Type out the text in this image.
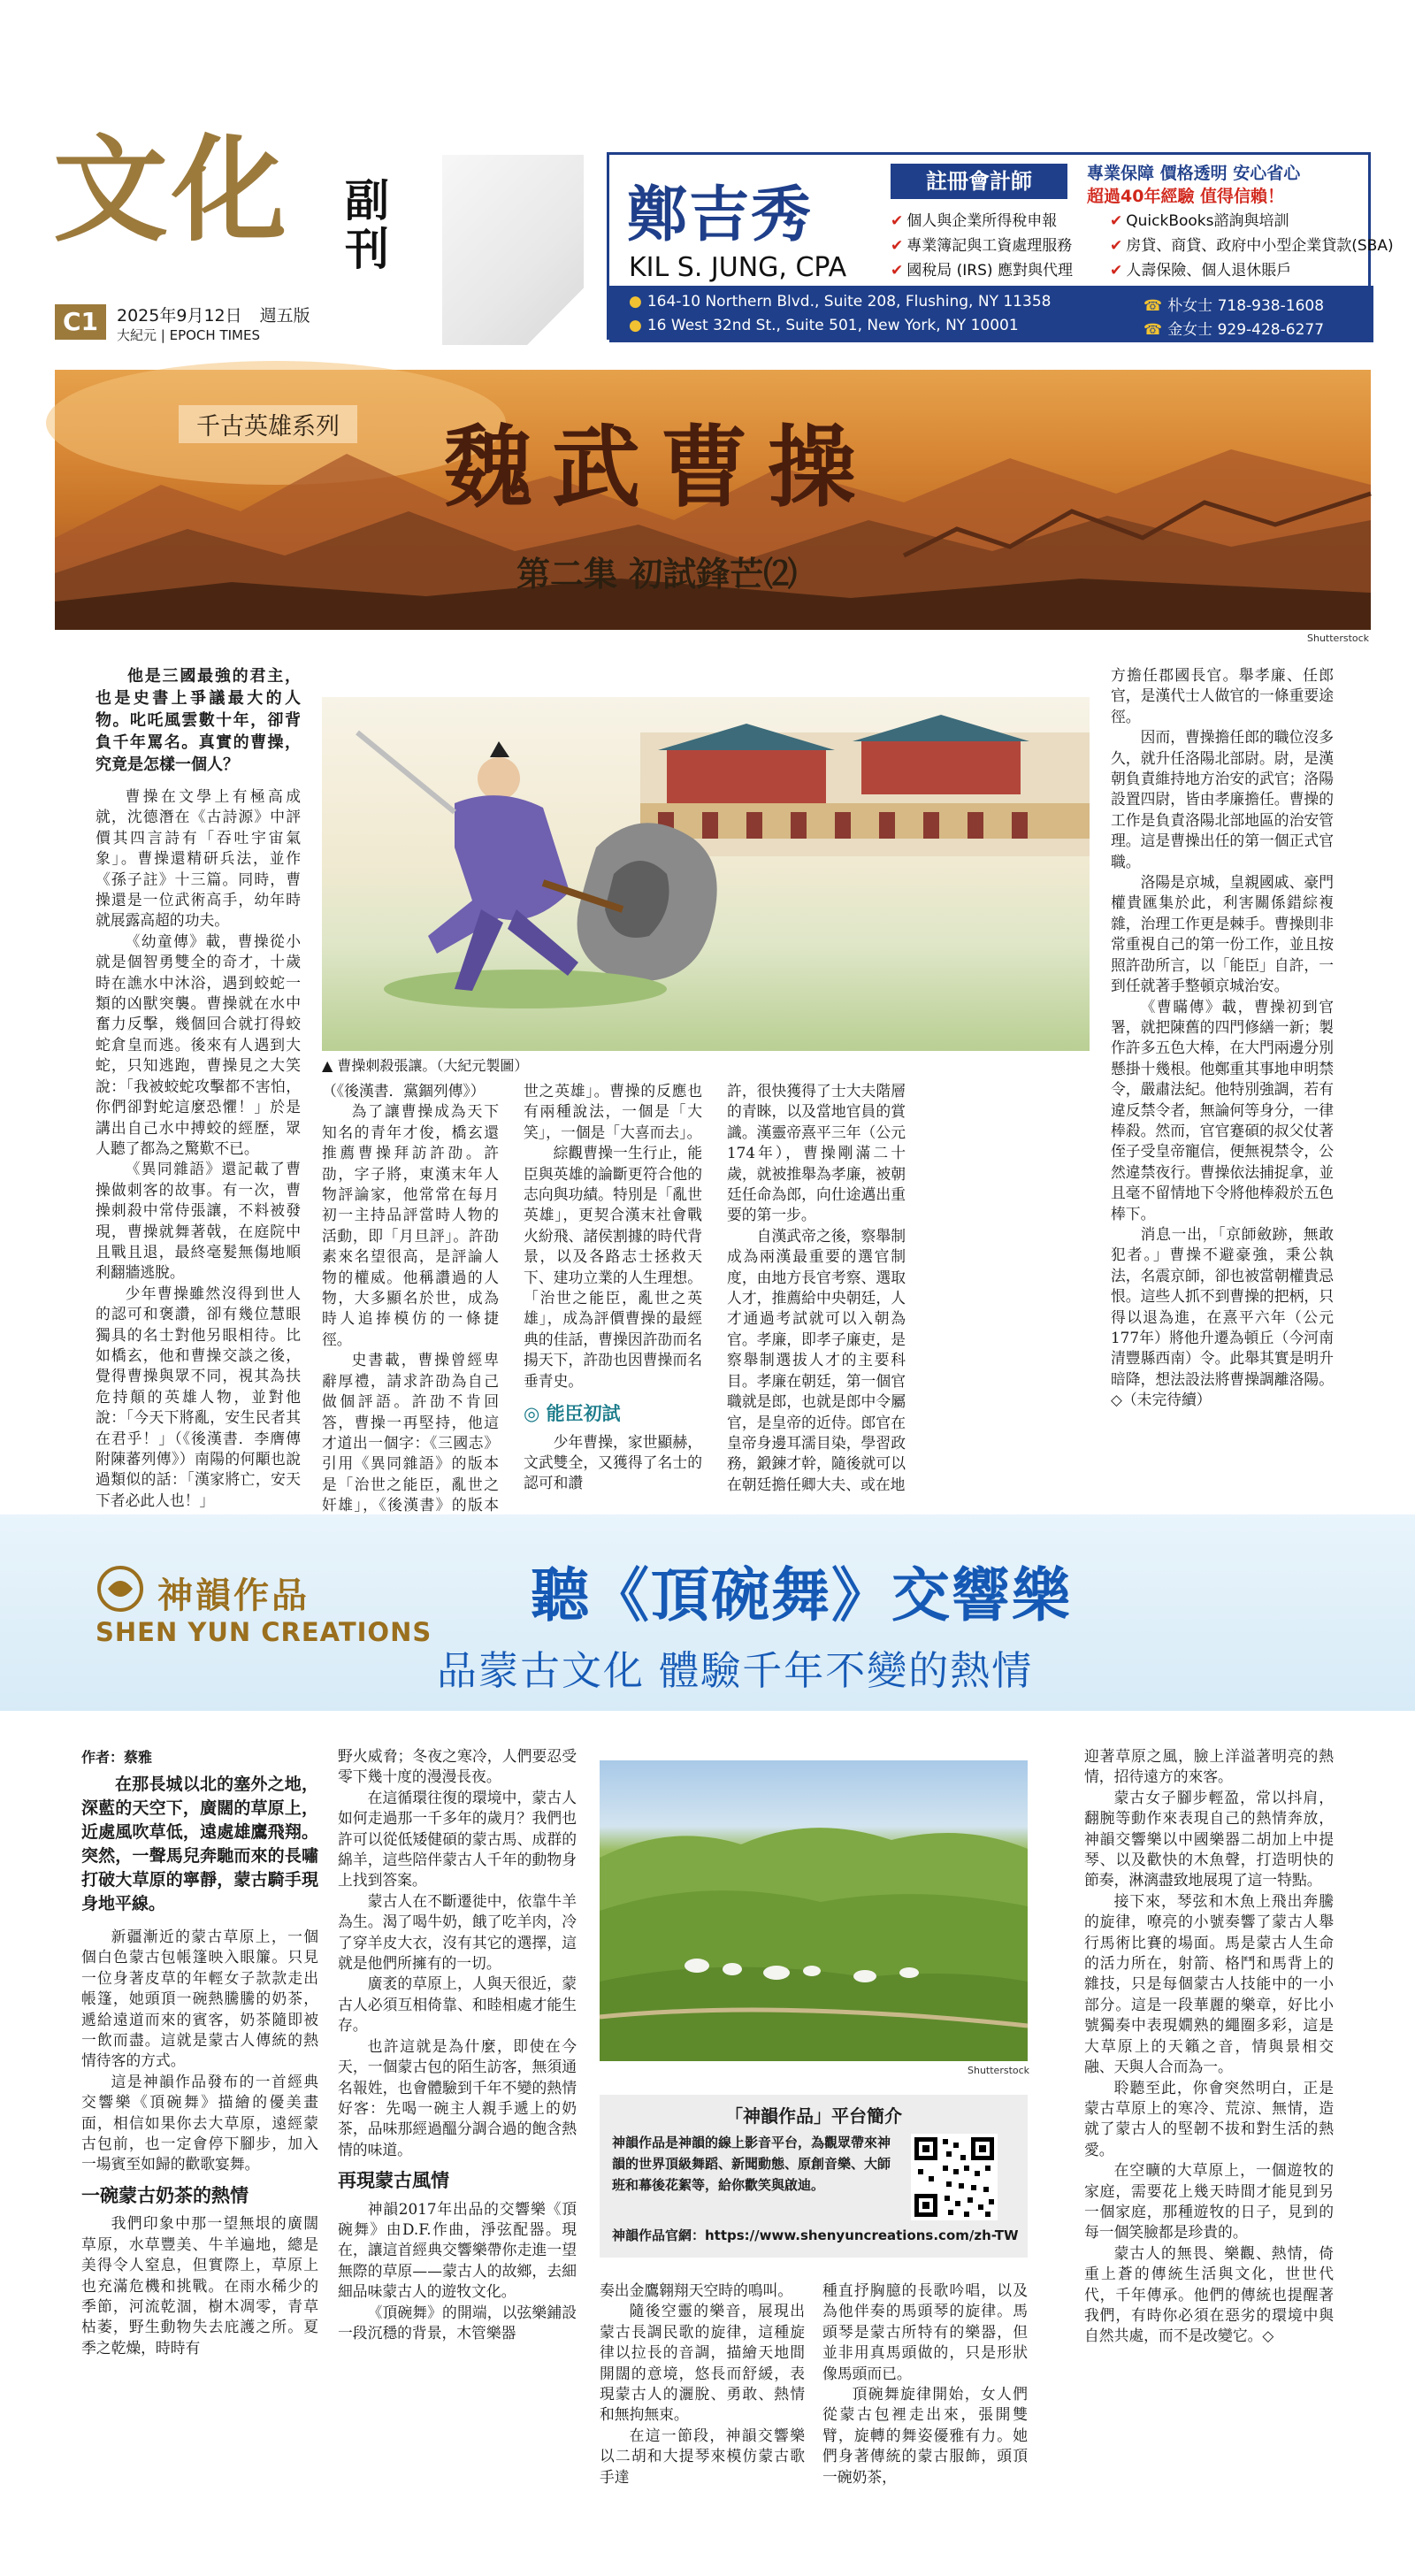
文化 副刊
C1	2025年9月12日 週五版
大紀元 | EPOCH TIMES
鄭吉秀
KIL S. JUNG, CPA
註冊會計師	專業保障 價格透明 安心省心
超過40年經驗 值得信賴！
✔ 個人與企業所得稅申報	✔ QuickBooks諮詢與培訓
✔ 專業簿記與工資處理服務	✔ 房貸、商貸、政府中小型企業貸款(SBA)
✔ 國稅局 (IRS) 應對與代理 ✔ 人壽保險、個人退休賬戶
● 164-10 Northern Blvd., Suite 208, Flushing, NY 11358
● 16 West 32nd St., Suite 501, New York, NY 10001
☎ 朴女士 718-938-1608
☎ 金女士 929-428-6277
千古英雄系列 魏武曹操
第二集 初試鋒芒⑵
Shutterstock
他是三國最強的君主，也是史書上爭議最大的人物。叱吒風雲數十年，卻背負千年罵名。真實的曹操，究竟是怎樣一個人？

曹操在文學上有極高成就，沈德潛在《古詩源》中評價其四言詩有「吞吐宇宙氣象」。曹操還精研兵法，並作《孫子註》十三篇。同時，曹操還是一位武術高手，幼年時就展露高超的功夫。

《幼童傳》載，曹操從小就是個智勇雙全的奇才，十歲時在譙水中沐浴，遇到蛟蛇一類的凶獸突襲。曹操就在水中奮力反擊，幾個回合就打得蛟蛇倉皇而逃。後來有人遇到大蛇，只知逃跑，曹操見之大笑說：「我被蛟蛇攻擊都不害怕，你們卻對蛇這麼恐懼！」於是講出自己水中搏蛟的經歷，眾人聽了都為之驚歎不已。

《異同雜語》還記載了曹操做刺客的故事。有一次，曹操刺殺中常侍張讓，不料被發現，曹操就舞著戟，在庭院中且戰且退，最終毫髮無傷地順利翻牆逃脫。

少年曹操雖然沒得到世人的認可和褒讚，卻有幾位慧眼獨具的名士對他另眼相待。比如橋玄，他和曹操交談之後，覺得曹操與眾不同，視其為扶危持顛的英雄人物，並對他說：「今天下將亂，安生民者其在君乎！」（《後漢書．李膺傳附陳蕃列傳》）南陽的何顒也說過類似的話：「漢家將亡，安天下者必此人也！」

▲ 曹操刺殺張讓。（大紀元製圖）

（《後漢書．黨錮列傳》）

為了讓曹操成為天下知名的青年才俊，橋玄還推薦曹操拜訪許劭。許劭，字子將，東漢末年人物評論家，他常常在每月初一主持品評當時人物的活動，即「月旦評」。許劭素來名望很高，是評論人物的權威。他稱讚過的人物，大多顯名於世，成為時人追捧模仿的一條捷徑。

史書載，曹操曾經卑辭厚禮，請求許劭為自己做個評語。許劭不肯回答，曹操一再堅持，他這才道出一個字：《三國志》引用《異同雜語》的版本是「治世之能臣，亂世之奸雄」，《後漢書》的版本

世之英雄」。曹操的反應也有兩種說法，一個是「大笑」，一個是「大喜而去」。

綜觀曹操一生行止，能臣與英雄的論斷更符合他的志向與功績。特別是「亂世英雄」，更契合漢末社會戰火紛飛、諸侯割據的時代背景，以及各路志士拯救天下、建功立業的人生理想。「治世之能臣，亂世之英雄」，成為評價曹操的最經典的佳話，曹操因許劭而名揚天下，許劭也因曹操而名垂青史。

◎ 能臣初試

少年曹操，家世顯赫，文武雙全，又獲得了名士的認可和讚

許，很快獲得了士大夫階層的青睞，以及當地官員的賞識。漢靈帝熹平三年（公元174年），曹操剛滿二十歲，就被推舉為孝廉，被朝廷任命為郎，向仕途邁出重要的第一步。

自漢武帝之後，察舉制成為兩漢最重要的選官制度，由地方長官考察、選取人才，推薦給中央朝廷，人才通過考試就可以入朝為官。孝廉，即孝子廉吏，是察舉制選拔人才的主要科目。孝廉在朝廷，第一個官職就是郎，也就是郎中令屬官，是皇帝的近侍。郎官在皇帝身邊耳濡目染，學習政務，鍛鍊才幹，隨後就可以在朝廷擔任卿大夫、或在地

方擔任郡國長官。舉孝廉、任郎官，是漢代士人做官的一條重要途徑。

因而，曹操擔任郎的職位沒多久，就升任洛陽北部尉。尉，是漢朝負責維持地方治安的武官；洛陽設置四尉，皆由孝廉擔任。曹操的工作是負責洛陽北部地區的治安管理。這是曹操出任的第一個正式官職。

洛陽是京城，皇親國戚、豪門權貴匯集於此，利害關係錯綜複雜，治理工作更是棘手。曹操則非常重視自己的第一份工作，並且按照許劭所言，以「能臣」自許，一到任就著手整頓京城治安。

《曹瞞傳》載，曹操初到官署，就把陳舊的四門修繕一新；製作許多五色大棒，在大門兩邊分別懸掛十幾根。他鄭重其事地申明禁令，嚴肅法紀。他特別強調，若有違反禁令者，無論何等身分，一律棒殺。然而，官官蹇碩的叔父仗著侄子受皇帝寵信，便無視禁令，公然違禁夜行。曹操依法捕捉拿，並且毫不留情地下令將他棒殺於五色棒下。

消息一出，「京師斂跡，無敢犯者。」曹操不避豪強，秉公執法，名震京師，卻也被當朝權貴忌恨。這些人抓不到曹操的把柄，只得以退為進，在熹平六年（公元177年）將他升遷為頓丘（今河南清豐縣西南）令。此舉其實是明升暗降，想法設法將曹操調離洛陽。◇（未完待續）

神韻作品
SHEN YUN CREATIONS
聽《頂碗舞》交響樂
品蒙古文化 體驗千年不變的熱情
作者：蔡雅
在那長城以北的塞外之地，深藍的天空下，廣闊的草原上，近處風吹草低，遠處雄鷹飛翔。突然，一聲馬兒奔馳而來的長嘯打破大草原的寧靜，蒙古騎手現身地平線。

新疆漸近的蒙古草原上，一個個白色蒙古包帳篷映入眼簾。只見一位身著皮草的年輕女子款款走出帳篷，她頭頂一碗熱騰騰的奶茶，遞給遠道而來的賓客，奶茶隨即被一飲而盡。這就是蒙古人傳統的熱情待客的方式。

這是神韻作品發布的一首經典交響樂《頂碗舞》描繪的優美畫面，相信如果你去大草原，遠經蒙古包前，也一定會停下腳步，加入一場賓至如歸的歡歌宴舞。

一碗蒙古奶茶的熱情

我們印象中那一望無垠的廣闊草原，水草豐美、牛羊遍地，總是美得令人窒息，但實際上，草原上也充滿危機和挑戰。在雨水稀少的季節，河流乾涸，樹木凋零，青草枯萎，野生動物失去庇護之所。夏季之乾燥，時時有

野火威脅；冬夜之寒冷，人們要忍受零下幾十度的漫漫長夜。

在這循環往復的環境中，蒙古人如何走過那一千多年的歲月？我們也許可以從低矮健碩的蒙古馬、成群的綿羊，這些陪伴蒙古人千年的動物身上找到答案。

蒙古人在不斷遷徙中，依靠牛羊為生。渴了喝牛奶，餓了吃羊肉，冷了穿羊皮大衣，沒有其它的選擇，這就是他們所擁有的一切。

廣袤的草原上，人與天很近，蒙古人必須互相倚靠、和睦相處才能生存。

也許這就是為什麼，即使在今天，一個蒙古包的陌生訪客，無須通名報姓，也會體驗到千年不變的熱情好客：先喝一碗主人親手遞上的奶茶，品味那經過醞分調合過的飽含熱情的味道。

再現蒙古風情

神韻2017年出品的交響樂《頂碗舞》由D.F.作曲，淨弦配器。現在，讓這首經典交響樂帶你走進一望無際的草原——蒙古人的故鄉，去細細品味蒙古人的遊牧文化。

《頂碗舞》的開端，以弦樂鋪設一段沉穩的背景，木管樂器

Shutterstock
「神韻作品」平台簡介
神韻作品是神韻的線上影音平台，為觀眾帶來神韻的世界頂級舞蹈、新聞動態、原創音樂、大師班和幕後花絮等，給你歡笑與啟迪。
神韻作品官網：https://www.shenyuncreations.com/zh-TW

奏出金鷹翱翔天空時的鳴叫。

隨後空靈的樂音，展現出蒙古長調民歌的旋律，這種旋律以拉長的音調，描繪天地間開闊的意境，悠長而舒緩，表現蒙古人的灑脫、勇敢、熱情和無拘無束。

在這一節段，神韻交響樂以二胡和大提琴來模仿蒙古歌手達

種直抒胸臆的長歌吟唱，以及為他伴奏的馬頭琴的旋律。馬頭琴是蒙古所特有的樂器，但並非用真馬頭做的，只是形狀像馬頭而已。

頂碗舞旋律開始，女人們從蒙古包裡走出來，張開雙臂，旋轉的舞姿優雅有力。她們身著傳統的蒙古服飾，頭頂一碗奶茶，

迎著草原之風，臉上洋溢著明亮的熱情，招待遠方的來客。

蒙古女子腳步輕盈，常以抖肩，翻腕等動作來表現自己的熱情奔放，神韻交響樂以中國樂器二胡加上中提琴、以及歡快的木魚聲，打造明快的節奏，淋漓盡致地展現了這一特點。

接下來，琴弦和木魚上飛出奔騰的旋律，嘹亮的小號奏響了蒙古人舉行馬術比賽的場面。馬是蒙古人生命的活力所在，射箭、格鬥和馬背上的雜技，只是每個蒙古人技能中的一小部分。這是一段華麗的樂章，好比小號獨奏中表現嫺熟的繩圈多彩，這是大草原上的天籟之音，情與景相交融、天與人合而為一。

聆聽至此，你會突然明白，正是蒙古草原上的寒冷、荒涼、無情，造就了蒙古人的堅韌不拔和對生活的熱愛。

在空曠的大草原上，一個遊牧的家庭，需要花上幾天時間才能見到另一個家庭，那種遊牧的日子，見到的每一個笑臉都是珍貴的。

蒙古人的無畏、樂觀、熱情，倚重上蒼的傳統生活與文化，世世代代，千年傳承。他們的傳統也提醒著我們，有時你必須在惡劣的環境中與自然共處，而不是改變它。◇
